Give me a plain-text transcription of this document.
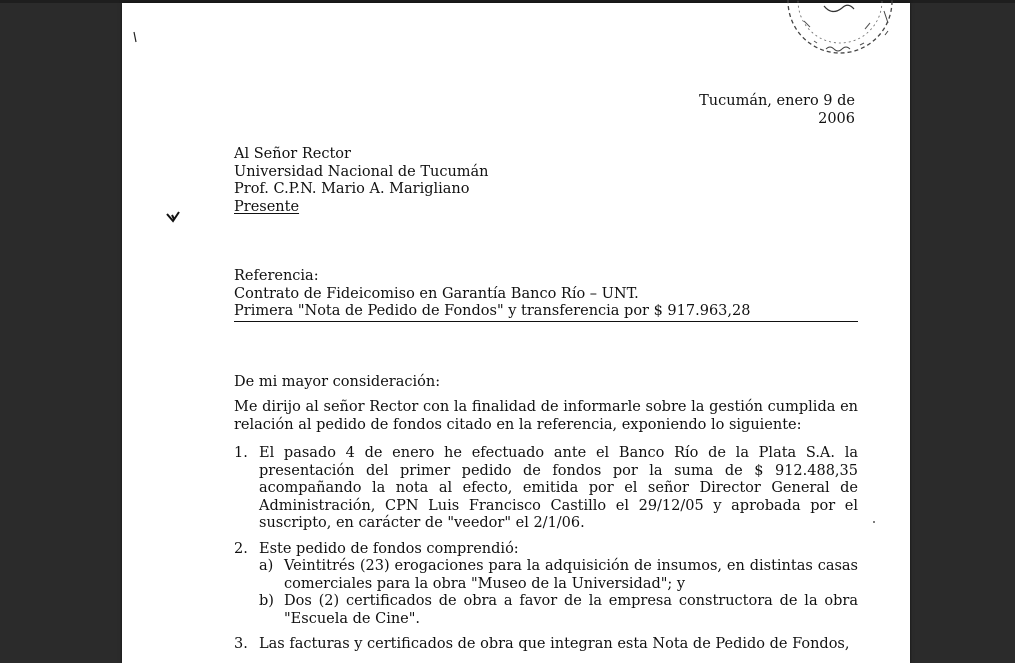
Tucumán, enero 9 de 2006
Al Señor Rector
Universidad Nacional de Tucumán
Prof. C.P.N. Mario A. Marigliano
Presente
Referencia:
Contrato de Fideicomiso en Garantía Banco Río – UNT.
Primera "Nota de Pedido de Fondos" y transferencia por $ 917.963,28
De mi mayor consideración:
Me dirijo al señor Rector con la finalidad de informarle sobre la gestión cumplida en relación al pedido de fondos citado en la referencia, exponiendo lo siguiente:
1. El pasado 4 de enero he efectuado ante el Banco Río de la Plata S.A. la presentación del primer pedido de fondos por la suma de $ 912.488,35 acompañando la nota al efecto, emitida por el señor Director General de Administración, CPN Luis Francisco Castillo el 29/12/05 y aprobada por el suscripto, en carácter de "veedor" el 2/1/06.
2. Este pedido de fondos comprendió:
a) Veintitrés (23) erogaciones para la adquisición de insumos, en distintas casas comerciales para la obra "Museo de la Universidad"; y
b) Dos (2) certificados de obra a favor de la empresa constructora de la obra "Escuela de Cine".
3. Las facturas y certificados de obra que integran esta Nota de Pedido de Fondos,
